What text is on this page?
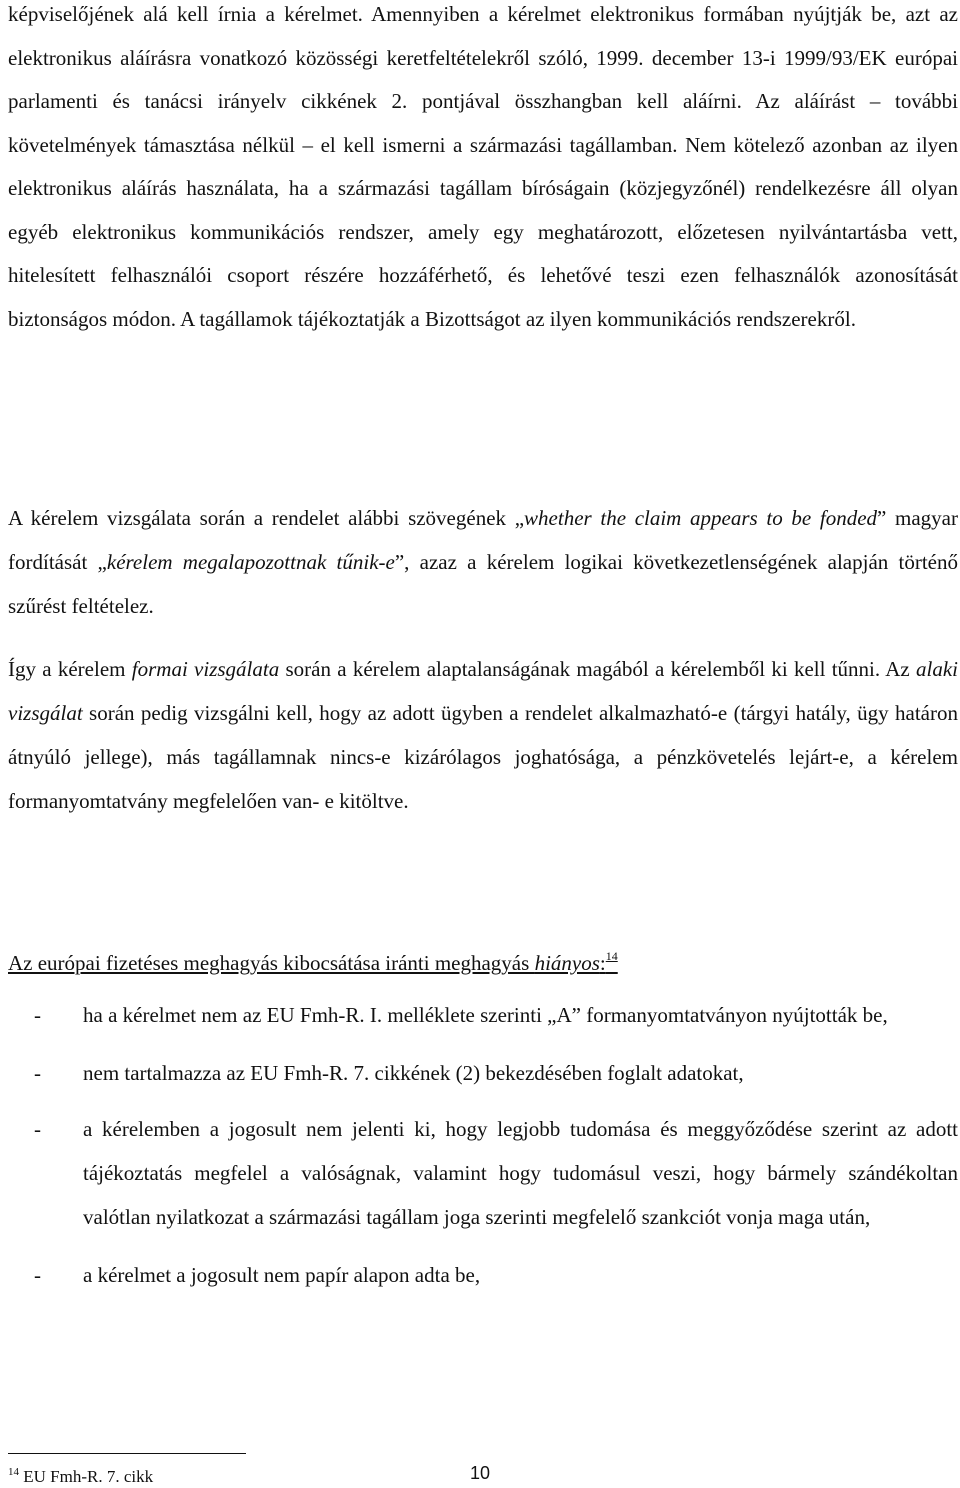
képviselőjének alá kell írnia a kérelmet. Amennyiben a kérelmet elektronikus formában nyújtják be, azt az elektronikus aláírásra vonatkozó közösségi keretfeltételekről szóló, 1999. december 13-i 1999/93/EK európai parlamenti és tanácsi irányelv cikkének 2. pontjával összhangban kell aláírni. Az aláírást – további követelmények támasztása nélkül – el kell ismerni a származási tagállamban. Nem kötelező azonban az ilyen elektronikus aláírás használata, ha a származási tagállam bíróságain (közjegyzőnél) rendelkezésre áll olyan egyéb elektronikus kommunikációs rendszer, amely egy meghatározott, előzetesen nyilvántartásba vett, hitelesített felhasználói csoport részére hozzáférhető, és lehetővé teszi ezen felhasználók azonosítását biztonságos módon. A tagállamok tájékoztatják a Bizottságot az ilyen kommunikációs rendszerekről.

A kérelem vizsgálata során a rendelet alábbi szövegének „whether the claim appears to be fonded” magyar fordítását „kérelem megalapozottnak tűnik-e”, azaz a kérelem logikai következetlenségének alapján történő szűrést feltételez.

Így a kérelem formai vizsgálata során a kérelem alaptalanságának magából a kérelemből ki kell tűnni. Az alaki vizsgálat során pedig vizsgálni kell, hogy az adott ügyben a rendelet alkalmazható-e (tárgyi hatály, ügy határon átnyúló jellege), más tagállamnak nincs-e kizárólagos joghatósága, a pénzkövetelés lejárt-e, a kérelem formanyomtatvány megfelelően van- e kitöltve.

Az európai fizetéses meghagyás kibocsátása iránti meghagyás hiányos:$^{14}$

- ha a kérelmet nem az EU Fmh-R. I. melléklete szerinti „A” formanyomtatványon nyújtották be,
- nem tartalmazza az EU Fmh-R. 7. cikkének (2) bekezdésében foglalt adatokat,
- a kérelemben a jogosult nem jelenti ki, hogy legjobb tudomása és meggyőződése szerint az adott tájékoztatás megfelel a valóságnak, valamint hogy tudomásul veszi, hogy bármely szándékoltan valótlan nyilatkozat a származási tagállam joga szerinti megfelelő szankciót vonja maga után,
- a kérelmet a jogosult nem papír alapon adta be,

$^{14}$ EU Fmh-R. 7. cikk	10
